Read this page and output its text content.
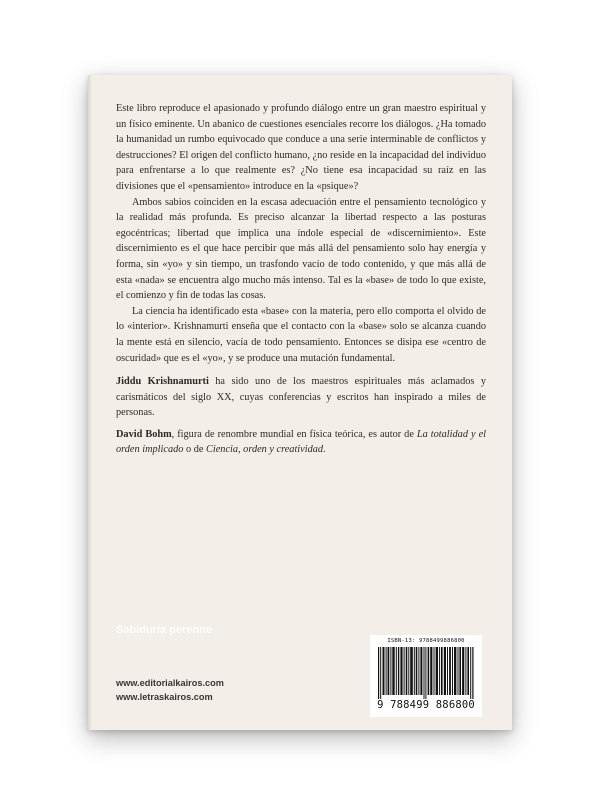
Este libro reproduce el apasionado y profundo diálogo entre un gran maestro espiritual y un físico eminente. Un abanico de cuestiones esenciales recorre los diálogos. ¿Ha tomado la humanidad un rumbo equivocado que conduce a una serie interminable de conflictos y destrucciones? El origen del conflicto humano, ¿no reside en la incapacidad del individuo para enfrentarse a lo que realmente es? ¿No tiene esa incapacidad su raíz en las divisiones que el «pensamiento» introduce en la «psique»?

Ambos sabios coinciden en la escasa adecuación entre el pensamiento tecnológico y la realidad más profunda. Es preciso alcanzar la libertad respecto a las posturas egocéntricas; libertad que implica una índole especial de «discernimiento». Este discernimiento es el que hace percibir que más allá del pensamiento solo hay energía y forma, sin «yo» y sin tiempo, un trasfondo vacío de todo contenido, y que más allá de esta «nada» se encuentra algo mucho más intenso. Tal es la «base» de todo lo que existe, el comienzo y fin de todas las cosas.

La ciencia ha identificado esta «base» con la materia, pero ello comporta el olvido de lo «interior». Krishnamurti enseña que el contacto con la «base» solo se alcanza cuando la mente está en silencio, vacía de todo pensamiento. Entonces se disipa ese «centro de oscuridad» que es el «yo», y se produce una mutación fundamental.

Jiddu Krishnamurti ha sido uno de los maestros espirituales más aclamados y carismáticos del siglo XX, cuyas conferencias y escritos han inspirado a miles de personas.

David Bohm, figura de renombre mundial en física teórica, es autor de La totalidad y el orden implicado o de Ciencia, orden y creatividad.

Sabiduría perenne
www.editorialkairos.com
www.letraskairos.com
ISBN-13: 9788499886800
9 788499 886800
